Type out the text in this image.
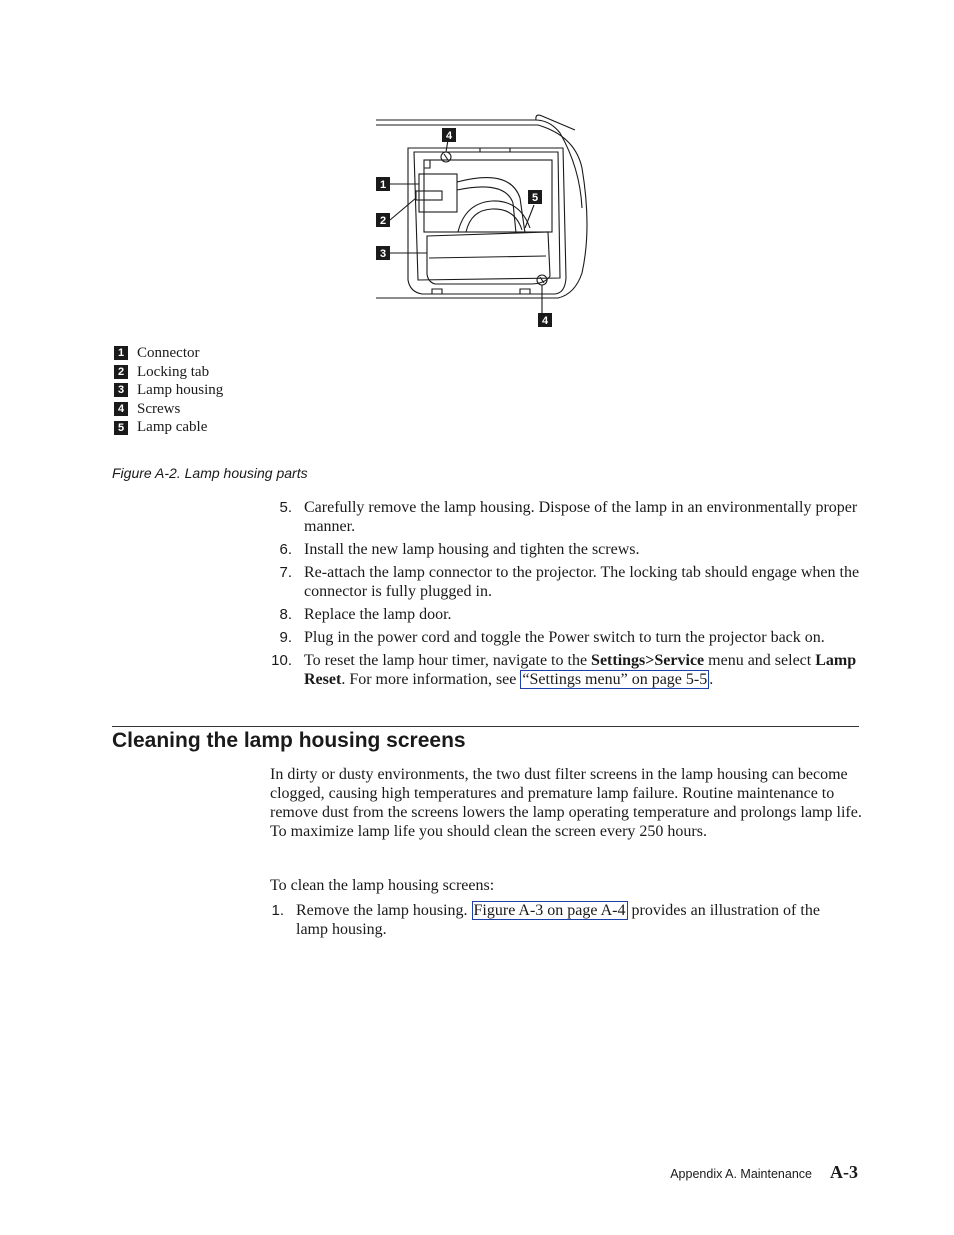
1
2
3
4
5
4
1 Connector
2 Locking tab
3 Lamp housing
4 Screws
5 Lamp cable
Figure A-2. Lamp housing parts
5. Carefully remove the lamp housing. Dispose of the lamp in an environmentally proper manner.
6. Install the new lamp housing and tighten the screws.
7. Re-attach the lamp connector to the projector. The locking tab should engage when the connector is fully plugged in.
8. Replace the lamp door.
9. Plug in the power cord and toggle the Power switch to turn the projector back on.
10. To reset the lamp hour timer, navigate to the Settings>Service menu and select Lamp Reset. For more information, see “Settings menu” on page 5-5 .
Cleaning the lamp housing screens

In dirty or dusty environments, the two dust filter screens in the lamp housing can become clogged, causing high temperatures and premature lamp failure. Routine maintenance to remove dust from the screens lowers the lamp operating temperature and prolongs lamp life. To maximize lamp life you should clean the screen every 250 hours.

To clean the lamp housing screens:

1. Remove the lamp housing. Figure A-3 on page A-4 provides an illustration of the lamp housing.
Appendix A. Maintenance A-3
